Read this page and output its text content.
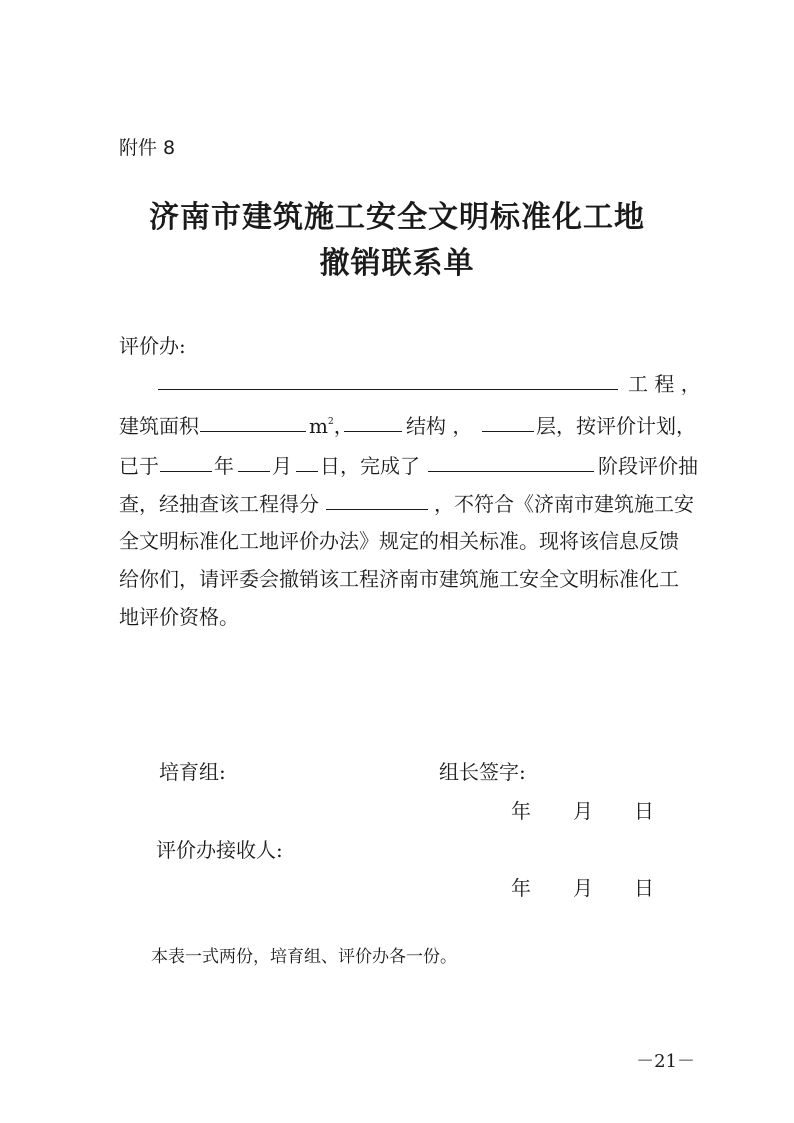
附件 8
济南市建筑施工安全文明标准化工地
撤销联系单
评价办:
工 程 ，
建筑面积	$m^2$，	结构 ，	层，按评价计划，
已于	年 月 日，完成了	阶段评价抽
查，经抽查该工程得分	，不符合《济南市建筑施工安
全文明标准化工地评价办法》规定的相关标准。现将该信息反馈
给你们，请评委会撤销该工程济南市建筑施工安全文明标准化工
地评价资格。
培育组:	组长签字:
年 月 日
评价办接收人:
年 月 日
本表一式两份，培育组、评价办各一份。
－21－
